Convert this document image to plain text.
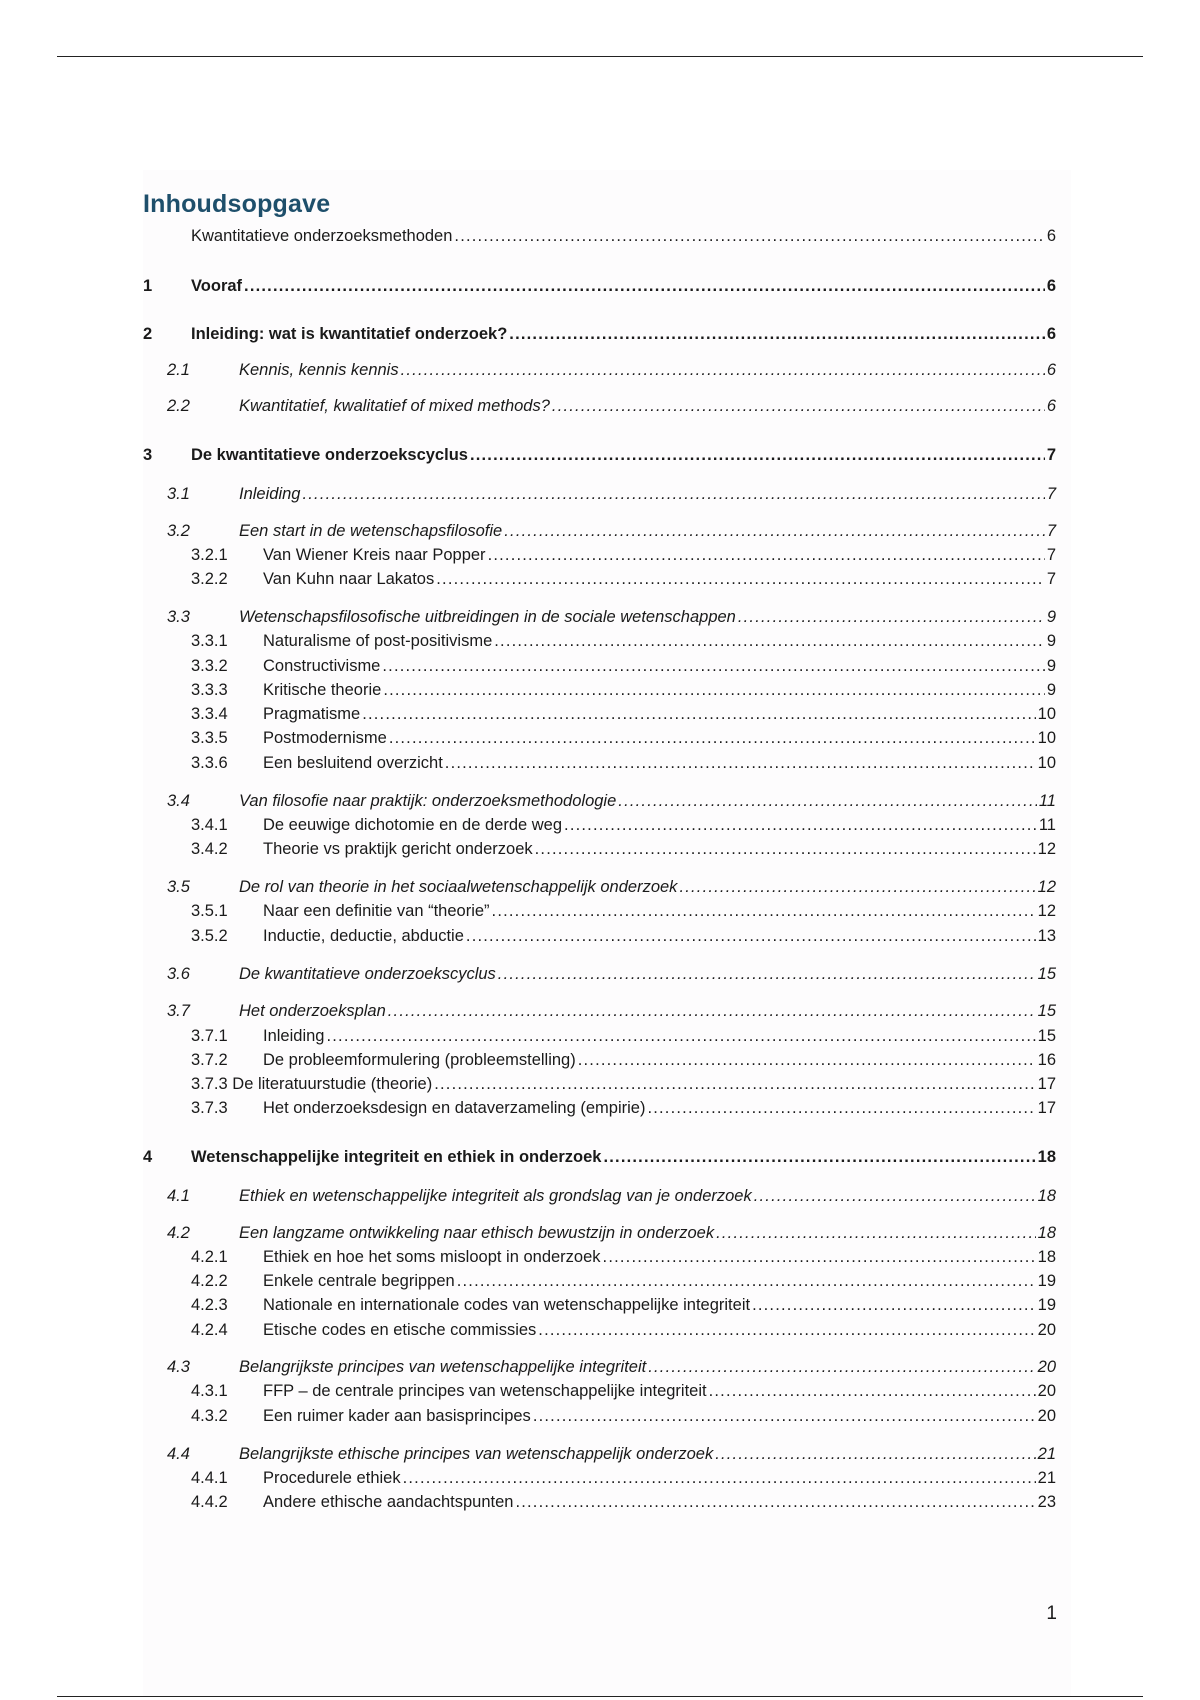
Inhoudsopgave
Kwantitatieve onderzoeksmethoden .....	6
1	Vooraf .....	6
2	Inleiding: wat is kwantitatief onderzoek? .....	6
2.1	Kennis, kennis kennis .....	6
2.2	Kwantitatief, kwalitatief of mixed methods? .....	6
3	De kwantitatieve onderzoekscyclus .....	7
3.1	Inleiding .....	7
3.2	Een start in de wetenschapsfilosofie .....	7
3.2.1	Van Wiener Kreis naar Popper .....	7
3.2.2	Van Kuhn naar Lakatos .....	7
3.3	Wetenschapsfilosofische uitbreidingen in de sociale wetenschappen .....	9
3.3.1	Naturalisme of post-positivisme .....	9
3.3.2	Constructivisme .....	9
3.3.3	Kritische theorie .....	9
3.3.4	Pragmatisme .....	10
3.3.5	Postmodernisme .....	10
3.3.6	Een besluitend overzicht .....	10
3.4	Van filosofie naar praktijk: onderzoeksmethodologie .....	11
3.4.1	De eeuwige dichotomie en de derde weg .....	11
3.4.2	Theorie vs praktijk gericht onderzoek .....	12
3.5	De rol van theorie in het sociaalwetenschappelijk onderzoek .....	12
3.5.1	Naar een definitie van “theorie” .....	12
3.5.2	Inductie, deductie, abductie .....	13
3.6	De kwantitatieve onderzoekscyclus .....	15
3.7	Het onderzoeksplan .....	15
3.7.1	Inleiding .....	15
3.7.2	De probleemformulering (probleemstelling) .....	16
3.7.3 De literatuurstudie (theorie) .....	17
3.7.3	Het onderzoeksdesign en dataverzameling (empirie) .....	17
4	Wetenschappelijke integriteit en ethiek in onderzoek .....	18
4.1	Ethiek en wetenschappelijke integriteit als grondslag van je onderzoek .....	18
4.2	Een langzame ontwikkeling naar ethisch bewustzijn in onderzoek .....	18
4.2.1	Ethiek en hoe het soms misloopt in onderzoek .....	18
4.2.2	Enkele centrale begrippen .....	19
4.2.3	Nationale en internationale codes van wetenschappelijke integriteit .....	19
4.2.4	Etische codes en etische commissies .....	20
4.3	Belangrijkste principes van wetenschappelijke integriteit .....	20
4.3.1	FFP – de centrale principes van wetenschappelijke integriteit .....	20
4.3.2	Een ruimer kader aan basisprincipes .....	20
4.4	Belangrijkste ethische principes van wetenschappelijk onderzoek .....	21
4.4.1	Procedurele ethiek .....	21
4.4.2	Andere ethische aandachtspunten .....	23
1
